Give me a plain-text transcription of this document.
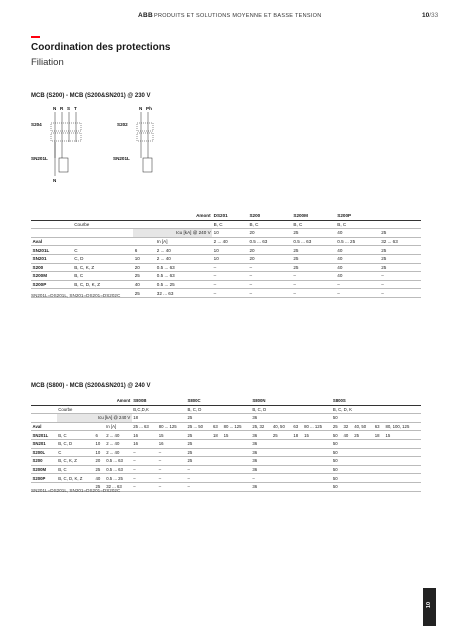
ABB PRODUITS ET SOLUTIONS MOYENNE ET BASSE TENSION	10/33
Coordination des protections
Filiation
MCB (S200) - MCB (S200&SN201) @ 230 V
N R S T	N Ph
S204	S202
SN201L	SN201L
N
Amont				DS201	S200	S200M	S200P	
	Courbe			B, C	B, C	B, C	B, C	
		Icu [kA] @ 240 V		10	20	25	40	25
Aval			In [A]	2 ... 40	0.5 ... 63	0.5 ... 63	0.5 ... 25	32 ... 63
SN201L	C	6	2 ... 40	10	20	25	40	25
SN201	C, D	10	2 ... 40	10	20	25	40	25
S200	B, C, K, Z	20	0.5 ... 63	–	–	25	40	25
S200M	B, C	25	0.5 ... 63	–	–	–	40	–
S200P	B, C, D, K, Z	40	0.5 ... 25	–	–	–	–	–
		25	32 ... 63	–	–	–	–	–
SN201L=DS201L, SN201=DS201=DS202C
MCB (S800) - MCB (S200&SN201) @ 240 V
Amont				S800B		S800C			S800N				S800S				
	Courbe			B,C,D,K		B, C, D			B, C, D				B, C, D, K				
	Icu [kA] @ 240 V			18		25			36				50				
Aval			In [A]	25 ... 63	80 ... 125	25 ... 50	63	80 ... 125	25, 32	40, 50	63	80 ... 125	25	32	40, 50	63	80, 100, 125
SN201L	B, C	6	2 ... 40	16	15	25	18	15	36	25	18	15	50	40	25	18	15
SN201	B, C, D	10	2 ... 40	16	16	25			36				50				
S200L	C	10	2 ... 40	–	–	25			36				50				
S200	B, C, K, Z	20	0.5 ... 63	–	–	25			36				50				
S200M	B, C	25	0.5 ... 63	–	–	–			36				50				
S200P	B, C, D, K, Z	40	0.5 ... 25	–	–	–			–				50				
		25	32 ... 63	–	–	–			36				50				
SN201L=DS201L, SN201=DS201=DS202C
10
